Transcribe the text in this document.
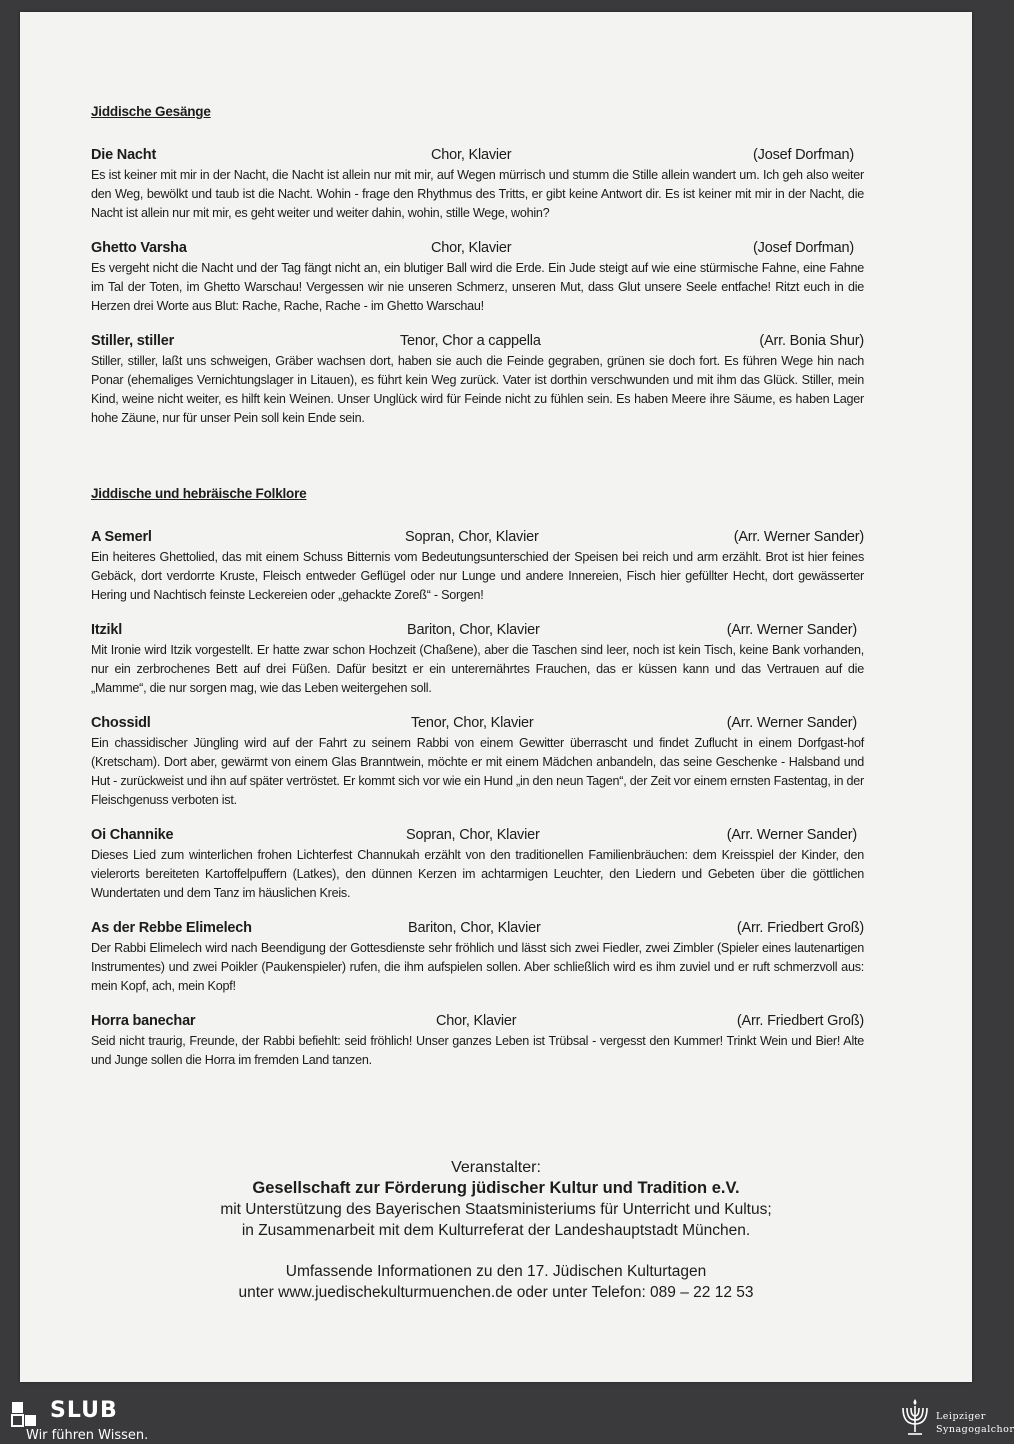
Jiddische Gesänge
Die Nacht	Chor, Klavier	(Josef Dorfman)

Es ist keiner mit mir in der Nacht, die Nacht ist allein nur mit mir, auf Wegen mürrisch und stumm die Stille allein wandert um. Ich geh also weiter den Weg, bewölkt und taub ist die Nacht. Wohin - frage den Rhythmus des Tritts, er gibt keine Antwort dir. Es ist keiner mit mir in der Nacht, die Nacht ist allein nur mit mir, es geht weiter und weiter dahin, wohin, stille Wege, wohin?

Ghetto Varsha	Chor, Klavier	(Josef Dorfman)

Es vergeht nicht die Nacht und der Tag fängt nicht an, ein blutiger Ball wird die Erde. Ein Jude steigt auf wie eine stürmische Fahne, eine Fahne im Tal der Toten, im Ghetto Warschau! Vergessen wir nie unseren Schmerz, unseren Mut, dass Glut unsere Seele entfache! Ritzt euch in die Herzen drei Worte aus Blut: Rache, Rache, Rache - im Ghetto Warschau!

Stiller, stiller	Tenor, Chor a cappella	(Arr. Bonia Shur)

Stiller, stiller, laßt uns schweigen, Gräber wachsen dort, haben sie auch die Feinde gegraben, grünen sie doch fort. Es führen Wege hin nach Ponar (ehemaliges Vernichtungslager in Litauen), es führt kein Weg zurück. Vater ist dorthin verschwunden und mit ihm das Glück. Stiller, mein Kind, weine nicht weiter, es hilft kein Weinen. Unser Unglück wird für Feinde nicht zu fühlen sein. Es haben Meere ihre Säume, es haben Lager hohe Zäune, nur für unser Pein soll kein Ende sein.

Jiddische und hebräische Folklore
A Semerl	Sopran, Chor, Klavier	(Arr. Werner Sander)

Ein heiteres Ghettolied, das mit einem Schuss Bitternis vom Bedeutungsunterschied der Speisen bei reich und arm erzählt. Brot ist hier feines Gebäck, dort verdorrte Kruste, Fleisch entweder Geflügel oder nur Lunge und andere Innereien, Fisch hier gefüllter Hecht, dort gewässerter Hering und Nachtisch feinste Leckereien oder „gehackte Zoreß“ - Sorgen!

Itzikl	Bariton, Chor, Klavier	(Arr. Werner Sander)

Mit Ironie wird Itzik vorgestellt. Er hatte zwar schon Hochzeit (Chaßene), aber die Taschen sind leer, noch ist kein Tisch, keine Bank vorhanden, nur ein zerbrochenes Bett auf drei Füßen. Dafür besitzt er ein unterernährtes Frauchen, das er küssen kann und das Vertrauen auf die „Mamme“, die nur sorgen mag, wie das Leben weitergehen soll.

Chossidl	Tenor, Chor, Klavier	(Arr. Werner Sander)

Ein chassidischer Jüngling wird auf der Fahrt zu seinem Rabbi von einem Gewitter überrascht und findet Zuflucht in einem Dorfgast-hof (Kretscham). Dort aber, gewärmt von einem Glas Branntwein, möchte er mit einem Mädchen anbandeln, das seine Geschenke - Halsband und Hut - zurückweist und ihn auf später vertröstet. Er kommt sich vor wie ein Hund „in den neun Tagen“, der Zeit vor einem ernsten Fastentag, in der Fleischgenuss verboten ist.

Oi Channike	Sopran, Chor, Klavier	(Arr. Werner Sander)

Dieses Lied zum winterlichen frohen Lichterfest Channukah erzählt von den traditionellen Familienbräuchen: dem Kreisspiel der Kinder, den vielerorts bereiteten Kartoffelpuffern (Latkes), den dünnen Kerzen im achtarmigen Leuchter, den Liedern und Gebeten über die göttlichen Wundertaten und dem Tanz im häuslichen Kreis.

As der Rebbe Elimelech	Bariton, Chor, Klavier	(Arr. Friedbert Groß)

Der Rabbi Elimelech wird nach Beendigung der Gottesdienste sehr fröhlich und lässt sich zwei Fiedler, zwei Zimbler (Spieler eines lautenartigen Instrumentes) und zwei Poikler (Paukenspieler) rufen, die ihm aufspielen sollen. Aber schließlich wird es ihm zuviel und er ruft schmerzvoll aus: mein Kopf, ach, mein Kopf!

Horra banechar	Chor, Klavier	(Arr. Friedbert Groß)

Seid nicht traurig, Freunde, der Rabbi befiehlt: seid fröhlich! Unser ganzes Leben ist Trübsal - vergesst den Kummer! Trinkt Wein und Bier! Alte und Junge sollen die Horra im fremden Land tanzen.

Veranstalter:
Gesellschaft zur Förderung jüdischer Kultur und Tradition e.V.
mit Unterstützung des Bayerischen Staatsministeriums für Unterricht und Kultus;
in Zusammenarbeit mit dem Kulturreferat der Landeshauptstadt München.
Umfassende Informationen zu den 17. Jüdischen Kulturtagen
unter www.juedischekulturmuenchen.de oder unter Telefon: 089 – 22 12 53
SLUB
Wir führen Wissen.
Leipziger
Synagogalchor
